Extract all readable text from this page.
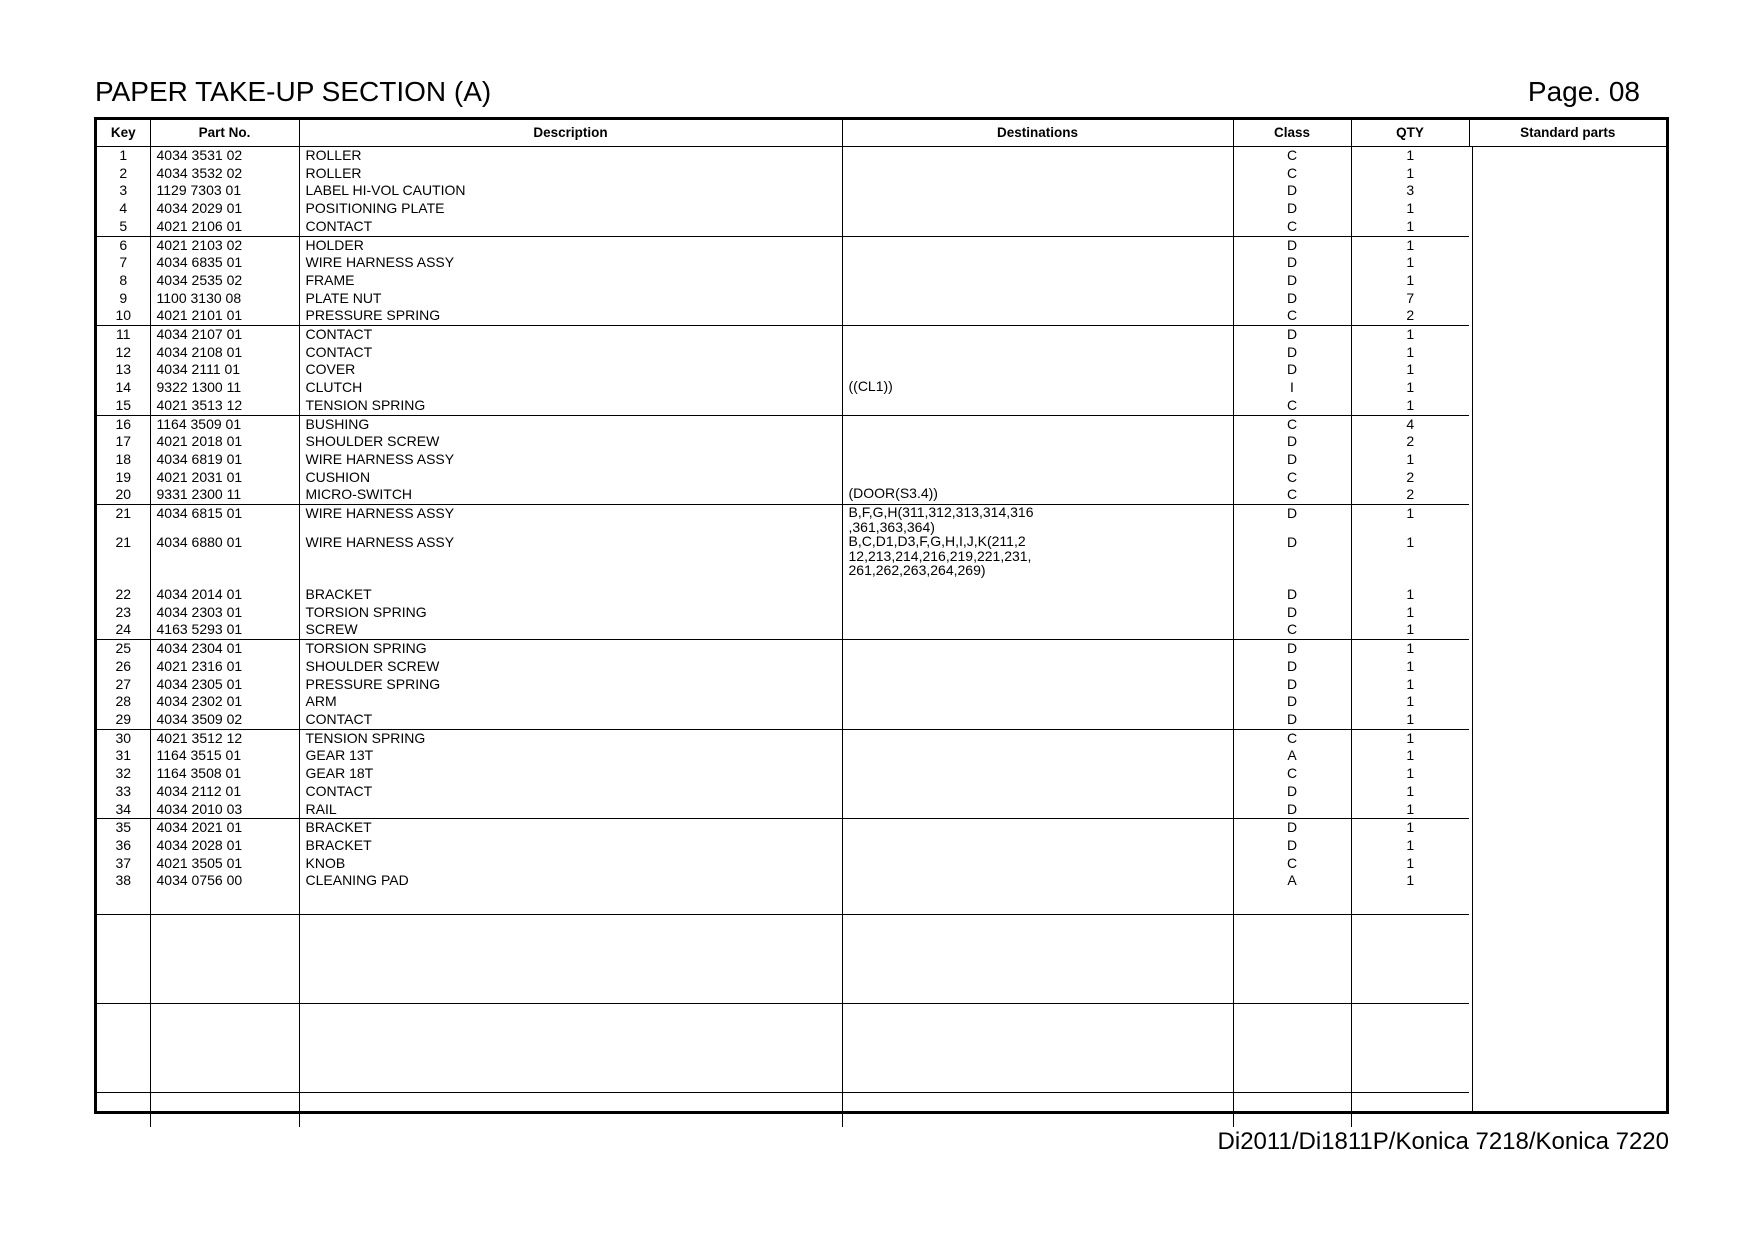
PAPER TAKE-UP SECTION (A)	Page. 08
Key	Part No.	Description	Destinations	Class	QTY	Standard parts
1	4034 3531 02	ROLLER		C	1	
2	4034 3532 02	ROLLER		C	1	
3	1129 7303 01	LABEL HI-VOL CAUTION		D	3	
4	4034 2029 01	POSITIONING PLATE		D	1	
5	4021 2106 01	CONTACT		C	1	
6	4021 2103 02	HOLDER		D	1	
7	4034 6835 01	WIRE HARNESS ASSY		D	1	
8	4034 2535 02	FRAME		D	1	
9	1100 3130 08	PLATE NUT		D	7	
10	4021 2101 01	PRESSURE SPRING		C	2	
11	4034 2107 01	CONTACT		D	1	
12	4034 2108 01	CONTACT		D	1	
13	4034 2111 01	COVER		D	1	
14	9322 1300 11	CLUTCH	((CL1))	I	1	
15	4021 3513 12	TENSION SPRING		C	1	
16	1164 3509 01	BUSHING		C	4	
17	4021 2018 01	SHOULDER SCREW		D	2	
18	4034 6819 01	WIRE HARNESS ASSY		D	1	
19	4021 2031 01	CUSHION		C	2	
20	9331 2300 11	MICRO-SWITCH	(DOOR(S3.4))	C	2	
21	4034 6815 01	WIRE HARNESS ASSY	B,F,G,H(311,312,313,314,316
,361,363,364)	D	1	
21	4034 6880 01	WIRE HARNESS ASSY	B,C,D1,D3,F,G,H,I,J,K(211,2
12,213,214,216,219,221,231,
261,262,263,264,269)	D	1	
22	4034 2014 01	BRACKET		D	1	
23	4034 2303 01	TORSION SPRING		D	1	
24	4163 5293 01	SCREW		C	1	
25	4034 2304 01	TORSION SPRING		D	1	
26	4021 2316 01	SHOULDER SCREW		D	1	
27	4034 2305 01	PRESSURE SPRING		D	1	
28	4034 2302 01	ARM		D	1	
29	4034 3509 02	CONTACT		D	1	
30	4021 3512 12	TENSION SPRING		C	1	
31	1164 3515 01	GEAR 13T		A	1	
32	1164 3508 01	GEAR 18T		C	1	
33	4034 2112 01	CONTACT		D	1	
34	4034 2010 03	RAIL		D	1	
35	4034 2021 01	BRACKET		D	1	
36	4034 2028 01	BRACKET		D	1	
37	4021 3505 01	KNOB		C	1	
38	4034 0756 00	CLEANING PAD		A	1	

Di2011/Di1811P/Konica 7218/Konica 7220
